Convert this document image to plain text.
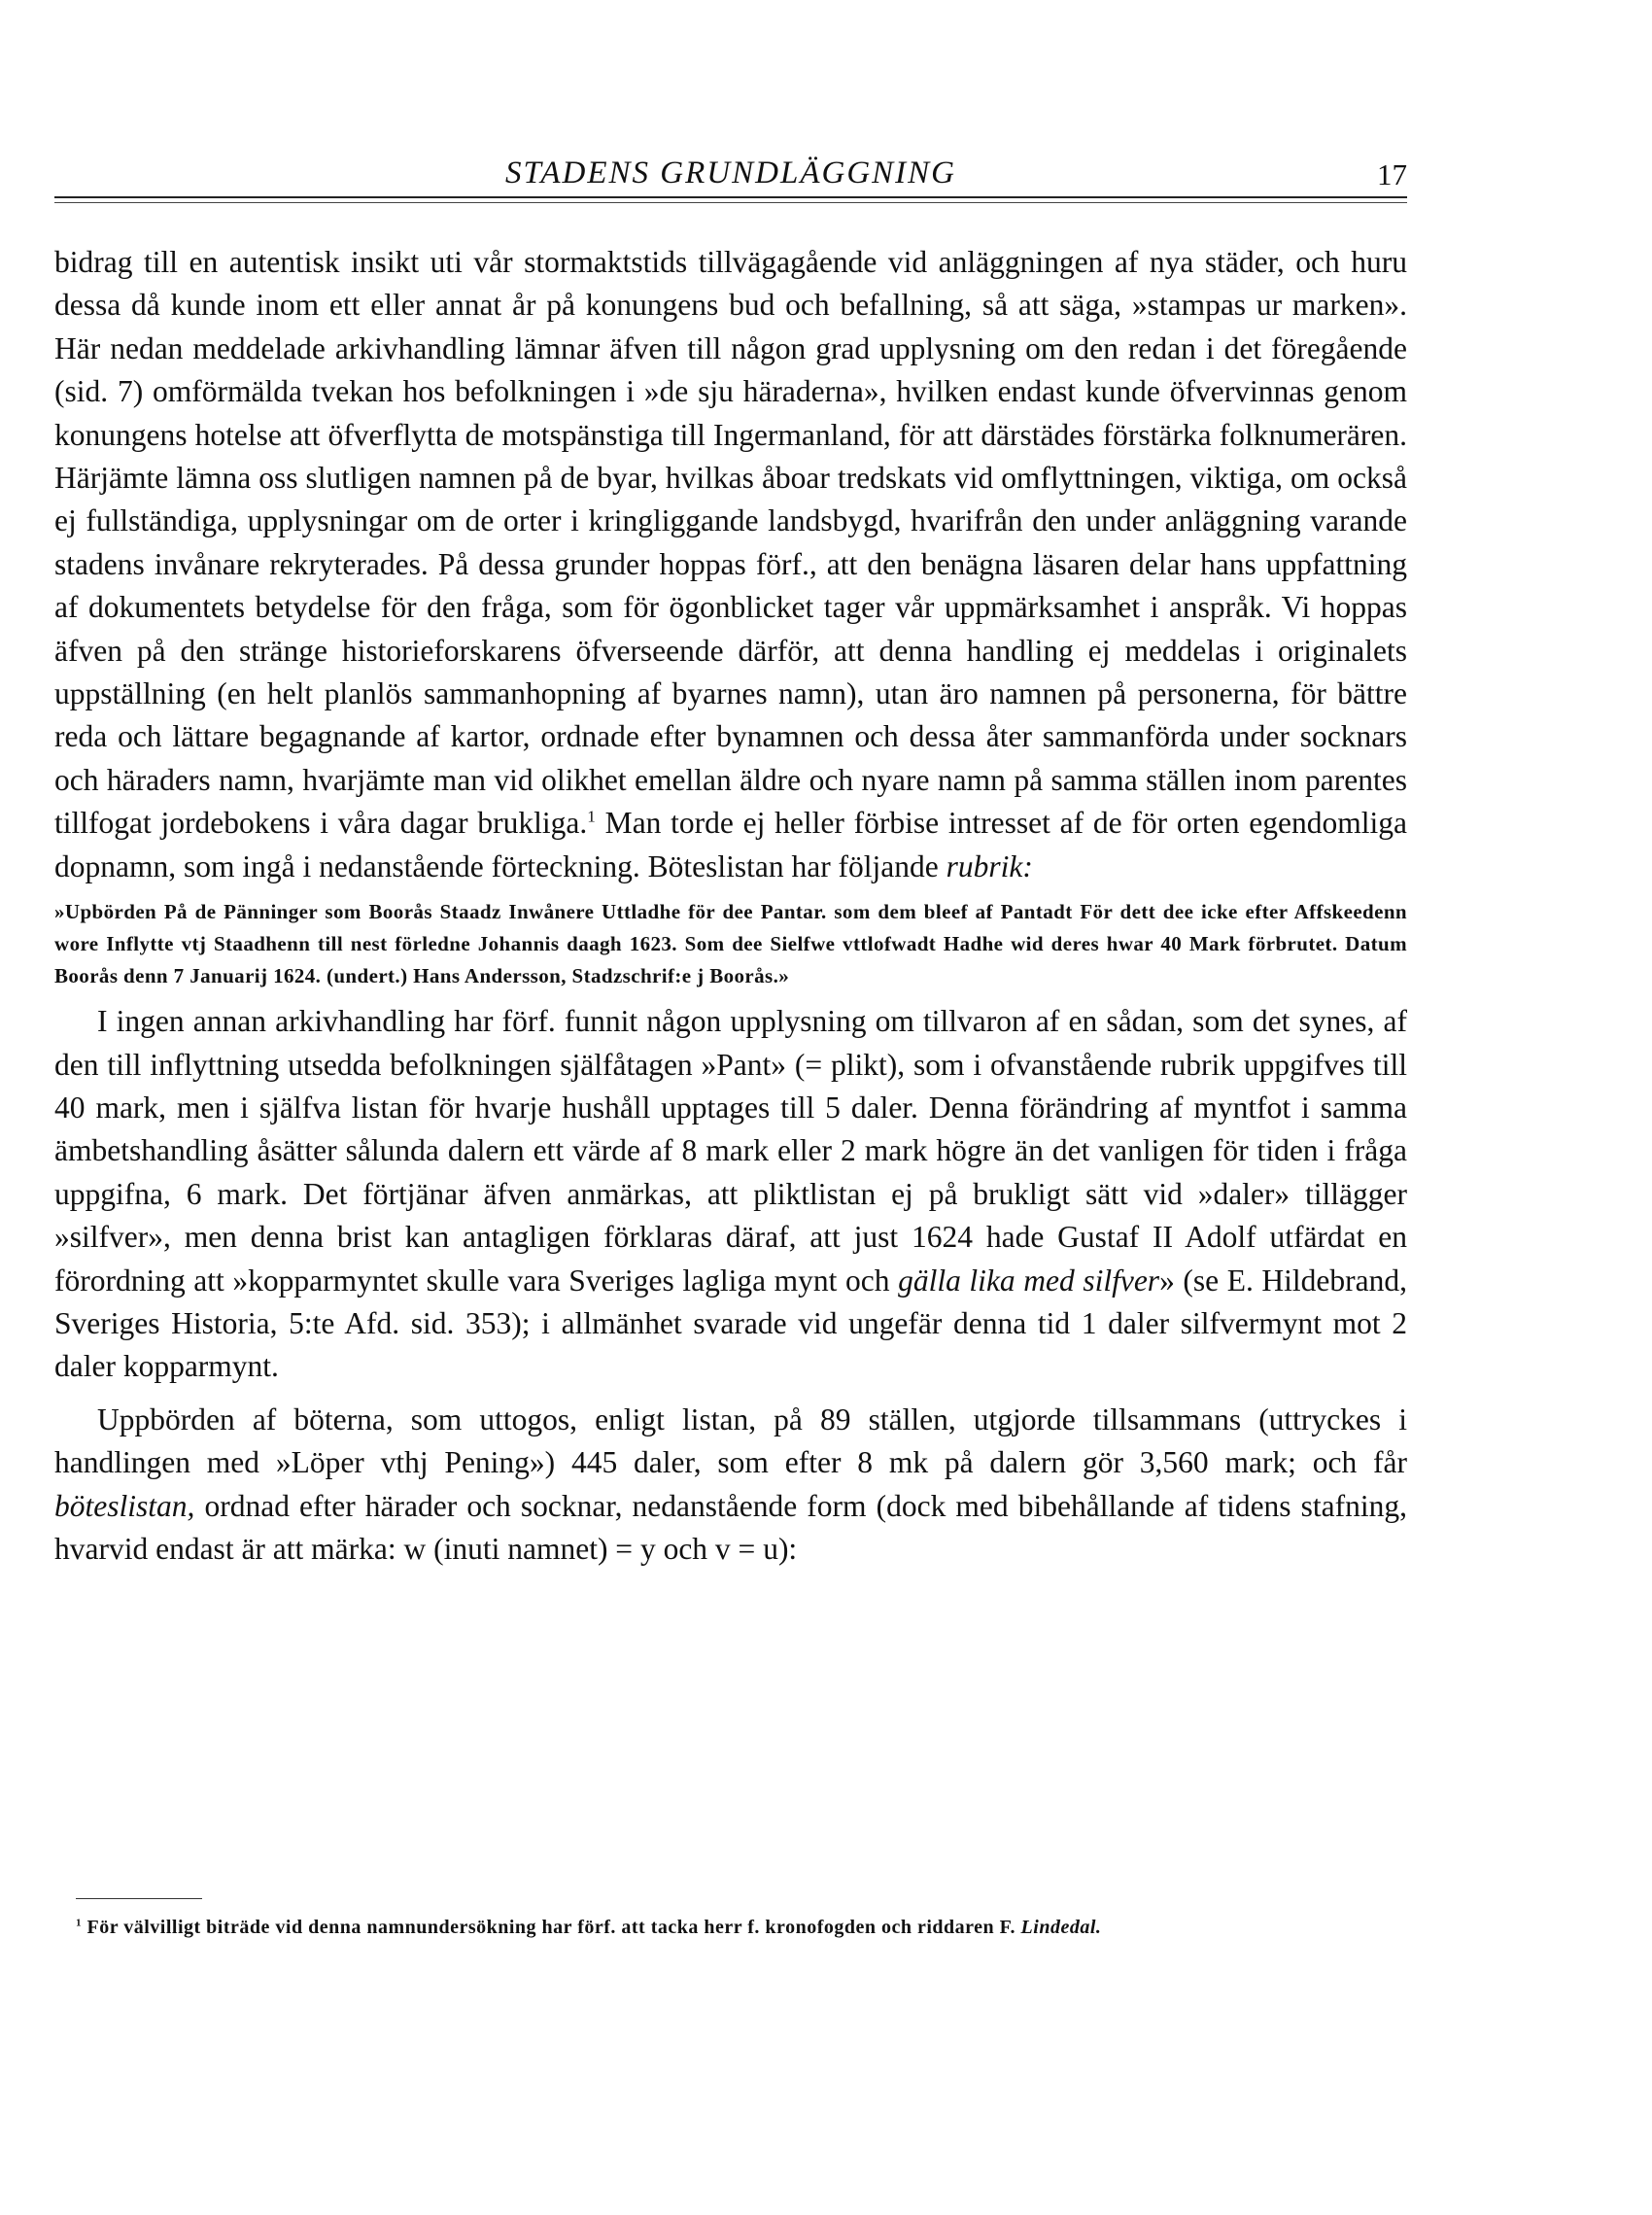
STADENS GRUNDLÄGGNING	17

bidrag till en autentisk insikt uti vår stormaktstids tillvägagående vid anläggningen af nya städer, och huru dessa då kunde inom ett eller annat år på konungens bud och befallning, så att säga, »stampas ur marken». Här nedan meddelade arkivhandling lämnar äfven till någon grad upplysning om den redan i det föregående (sid. 7) omförmälda tvekan hos befolkningen i »de sju häraderna», hvilken endast kunde öfvervinnas genom konungens hotelse att öfverflytta de motspänstiga till Ingermanland, för att därstädes förstärka folknumerären. Härjämte lämna oss slutligen namnen på de byar, hvilkas åboar tredskats vid omflyttningen, viktiga, om också ej fullständiga, upplysningar om de orter i kringliggande landsbygd, hvarifrån den under anläggning varande stadens invånare rekryterades. På dessa grunder hoppas förf., att den benägna läsaren delar hans uppfattning af dokumentets betydelse för den fråga, som för ögonblicket tager vår uppmärksamhet i anspråk. Vi hoppas äfven på den stränge historieforskarens öfverseende därför, att denna handling ej meddelas i originalets uppställning (en helt planlös sammanhopning af byarnes namn), utan äro namnen på personerna, för bättre reda och lättare begagnande af kartor, ordnade efter bynamnen och dessa åter sammanförda under socknars och häraders namn, hvarjämte man vid olikhet emellan äldre och nyare namn på samma ställen inom parentes tillfogat jordebokens i våra dagar brukliga.$^1$ Man torde ej heller förbise intresset af de för orten egendomliga dopnamn, som ingå i nedanstående förteckning. Böteslistan har följande rubrik:

»Upbörden På de Pänninger som Boorås Staadz Inwånere Uttladhe för dee Pantar. som dem bleef af Pantadt För dett dee icke efter Affskeedenn wore Inflytte vtj Staadhenn till nest förledne Johannis daagh 1623. Som dee Sielfwe vttlofwadt Hadhe wid deres hwar 40 Mark förbrutet. Datum Boorås denn 7 Januarij 1624. (undert.) Hans Andersson, Stadzschrif:e j Boorås.»

I ingen annan arkivhandling har förf. funnit någon upplysning om tillvaron af en sådan, som det synes, af den till inflyttning utsedda befolkningen själfåtagen »Pant» (= plikt), som i ofvanstående rubrik uppgifves till 40 mark, men i själfva listan för hvarje hushåll upptages till 5 daler. Denna förändring af myntfot i samma ämbetshandling åsätter sålunda dalern ett värde af 8 mark eller 2 mark högre än det vanligen för tiden i fråga uppgifna, 6 mark. Det förtjänar äfven anmärkas, att pliktlistan ej på brukligt sätt vid »daler» tillägger »silfver», men denna brist kan antagligen förklaras däraf, att just 1624 hade Gustaf II Adolf utfärdat en förordning att »kopparmyntet skulle vara Sveriges lagliga mynt och gälla lika med silfver» (se E. Hildebrand, Sveriges Historia, 5:te Afd. sid. 353); i allmänhet svarade vid ungefär denna tid 1 daler silfvermynt mot 2 daler kopparmynt.

Uppbörden af böterna, som uttogos, enligt listan, på 89 ställen, utgjorde tillsammans (uttryckes i handlingen med »Löper vthj Pening») 445 daler, som efter 8 mk på dalern gör 3,560 mark; och får böteslistan, ordnad efter härader och socknar, nedanstående form (dock med bibehållande af tidens stafning, hvarvid endast är att märka: w (inuti namnet) = y och v = u):

$^1$ För välvilligt biträde vid denna namnundersökning har förf. att tacka herr f. kronofogden och riddaren F. Lindedal.
